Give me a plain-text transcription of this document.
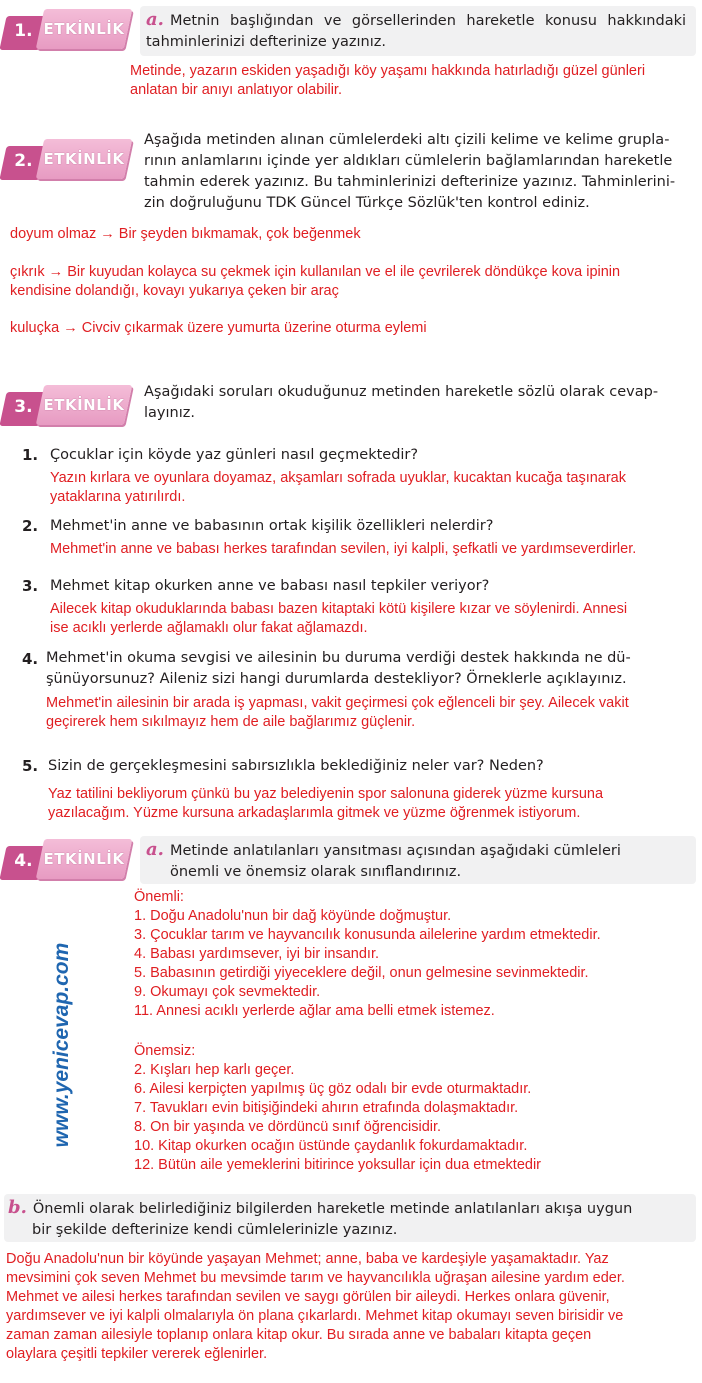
1. ETKİNLİK a. Metnin başlığından ve görsellerinden hareketle konusu hakkındaki tahminlerinizi defterinize yazınız.
Metinde, yazarın eskiden yaşadığı köy yaşamı hakkında hatırladığı güzel günleri
anlatan bir anıyı anlatıyor olabilir.
2. ETKİNLİK
Aşağıda metinden alınan cümlelerdeki altı çizili kelime ve kelime grupla-
rının anlamlarını içinde yer aldıkları cümlelerin bağlamlarından hareketle
tahmin ederek yazınız. Bu tahminlerinizi defterinize yazınız. Tahminlerini-
zin doğruluğunu TDK Güncel Türkçe Sözlük'ten kontrol ediniz.
doyum olmaz → Bir şeyden bıkmamak, çok beğenmek
çıkrık → Bir kuyudan kolayca su çekmek için kullanılan ve el ile çevrilerek döndükçe kova ipinin
kendisine dolandığı, kovayı yukarıya çeken bir araç
kuluçka → Civciv çıkarmak üzere yumurta üzerine oturma eylemi
3. ETKİNLİK
Aşağıdaki soruları okuduğunuz metinden hareketle sözlü olarak cevap-
layınız.
1. Çocuklar için köyde yaz günleri nasıl geçmektedir?
Yazın kırlara ve oyunlara doyamaz, akşamları sofrada uyuklar, kucaktan kucağa taşınarak
yataklarına yatırılırdı.
2. Mehmet'in anne ve babasının ortak kişilik özellikleri nelerdir?
Mehmet'in anne ve babası herkes tarafından sevilen, iyi kalpli, şefkatli ve yardımseverdirler.
3. Mehmet kitap okurken anne ve babası nasıl tepkiler veriyor?
Ailecek kitap okuduklarında babası bazen kitaptaki kötü kişilere kızar ve söylenirdi. Annesi
ise acıklı yerlerde ağlamaklı olur fakat ağlamazdı.
4. Mehmet'in okuma sevgisi ve ailesinin bu duruma verdiği destek hakkında ne dü-
şünüyorsunuz? Aileniz sizi hangi durumlarda destekliyor? Örneklerle açıklayınız.
Mehmet'in ailesinin bir arada iş yapması, vakit geçirmesi çok eğlenceli bir şey. Ailecek vakit
geçirerek hem sıkılmayız hem de aile bağlarımız güçlenir.
5. Sizin de gerçekleşmesini sabırsızlıkla beklediğiniz neler var? Neden?
Yaz tatilini bekliyorum çünkü bu yaz belediyenin spor salonuna giderek yüzme kursuna
yazılacağım. Yüzme kursuna arkadaşlarımla gitmek ve yüzme öğrenmek istiyorum.
4. ETKİNLİK a. Metinde anlatılanları yansıtması açısından aşağıdaki cümleleri
önemli ve önemsiz olarak sınıflandırınız.
www.yenicevap.com
Önemli:
1. Doğu Anadolu'nun bir dağ köyünde doğmuştur.
3. Çocuklar tarım ve hayvancılık konusunda ailelerine yardım etmektedir.
4. Babası yardımsever, iyi bir insandır.
5. Babasının getirdiği yiyeceklere değil, onun gelmesine sevinmektedir.
9. Okumayı çok sevmektedir.
11. Annesi acıklı yerlerde ağlar ama belli etmek istemez.
Önemsiz:
2. Kışları hep karlı geçer.
6. Ailesi kerpiçten yapılmış üç göz odalı bir evde oturmaktadır.
7. Tavukları evin bitişiğindeki ahırın etrafında dolaşmaktadır.
8. On bir yaşında ve dördüncü sınıf öğrencisidir.
10. Kitap okurken ocağın üstünde çaydanlık fokurdamaktadır.
12. Bütün aile yemeklerini bitirince yoksullar için dua etmektedir
b. Önemli olarak belirlediğiniz bilgilerden hareketle metinde anlatılanları akışa uygun
bir şekilde defterinize kendi cümlelerinizle yazınız.
Doğu Anadolu'nun bir köyünde yaşayan Mehmet; anne, baba ve kardeşiyle yaşamaktadır. Yaz
mevsimini çok seven Mehmet bu mevsimde tarım ve hayvancılıkla uğraşan ailesine yardım eder.
Mehmet ve ailesi herkes tarafından sevilen ve saygı görülen bir aileydi. Herkes onlara güvenir,
yardımsever ve iyi kalpli olmalarıyla ön plana çıkarlardı. Mehmet kitap okumayı seven birisidir ve
zaman zaman ailesiyle toplanıp onlara kitap okur. Bu sırada anne ve babaları kitapta geçen
olaylara çeşitli tepkiler vererek eğlenirler.
